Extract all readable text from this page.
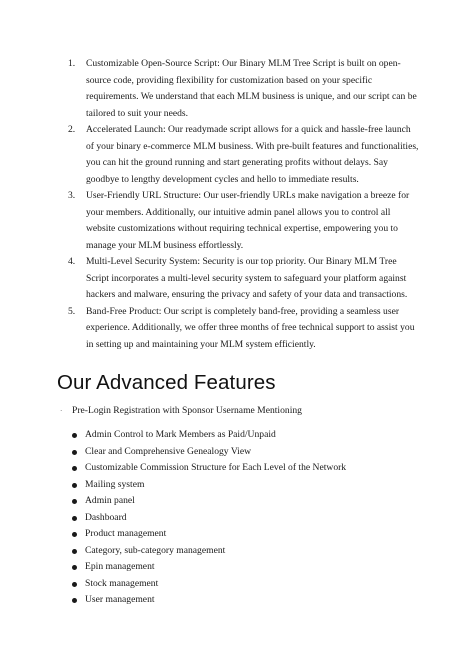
1. Customizable Open-Source Script: Our Binary MLM Tree Script is built on open-source code, providing flexibility for customization based on your specific requirements. We understand that each MLM business is unique, and our script can be tailored to suit your needs.
2. Accelerated Launch: Our readymade script allows for a quick and hassle-free launch of your binary e-commerce MLM business. With pre-built features and functionalities, you can hit the ground running and start generating profits without delays. Say goodbye to lengthy development cycles and hello to immediate results.
3. User-Friendly URL Structure: Our user-friendly URLs make navigation a breeze for your members. Additionally, our intuitive admin panel allows you to control all website customizations without requiring technical expertise, empowering you to manage your MLM business effortlessly.
4. Multi-Level Security System: Security is our top priority. Our Binary MLM Tree Script incorporates a multi-level security system to safeguard your platform against hackers and malware, ensuring the privacy and safety of your data and transactions.
5. Band-Free Product: Our script is completely band-free, providing a seamless user experience. Additionally, we offer three months of free technical support to assist you in setting up and maintaining your MLM system efficiently.
Our Advanced Features
· Pre-Login Registration with Sponsor Username Mentioning
Admin Control to Mark Members as Paid/Unpaid
Clear and Comprehensive Genealogy View
Customizable Commission Structure for Each Level of the Network
Mailing system
Admin panel
Dashboard
Product management
Category, sub-category management
Epin management
Stock management
User management
